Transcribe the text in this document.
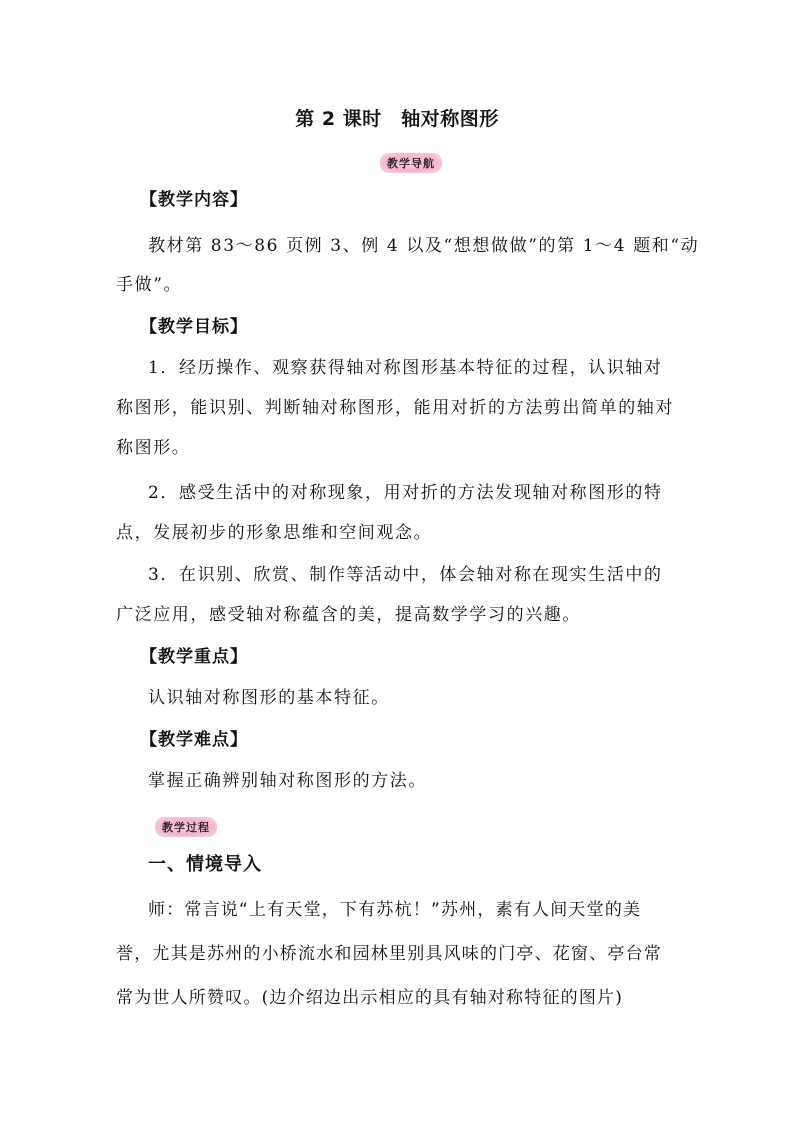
第 2 课时　轴对称图形
教学导航
【教学内容】
教材第 83～86 页例 3、例 4 以及“想想做做”的第 1～4 题和“动
手做”。
【教学目标】
1．经历操作、观察获得轴对称图形基本特征的过程，认识轴对
称图形，能识别、判断轴对称图形，能用对折的方法剪出简单的轴对
称图形。
2．感受生活中的对称现象，用对折的方法发现轴对称图形的特
点，发展初步的形象思维和空间观念。
3．在识别、欣赏、制作等活动中，体会轴对称在现实生活中的
广泛应用，感受轴对称蕴含的美，提高数学学习的兴趣。
【教学重点】
认识轴对称图形的基本特征。
【教学难点】
掌握正确辨别轴对称图形的方法。
教学过程
一、情境导入
师：常言说“上有天堂，下有苏杭！”苏州，素有人间天堂的美
誉，尤其是苏州的小桥流水和园林里别具风味的门亭、花窗、亭台常
常为世人所赞叹。(边介绍边出示相应的具有轴对称特征的图片)
